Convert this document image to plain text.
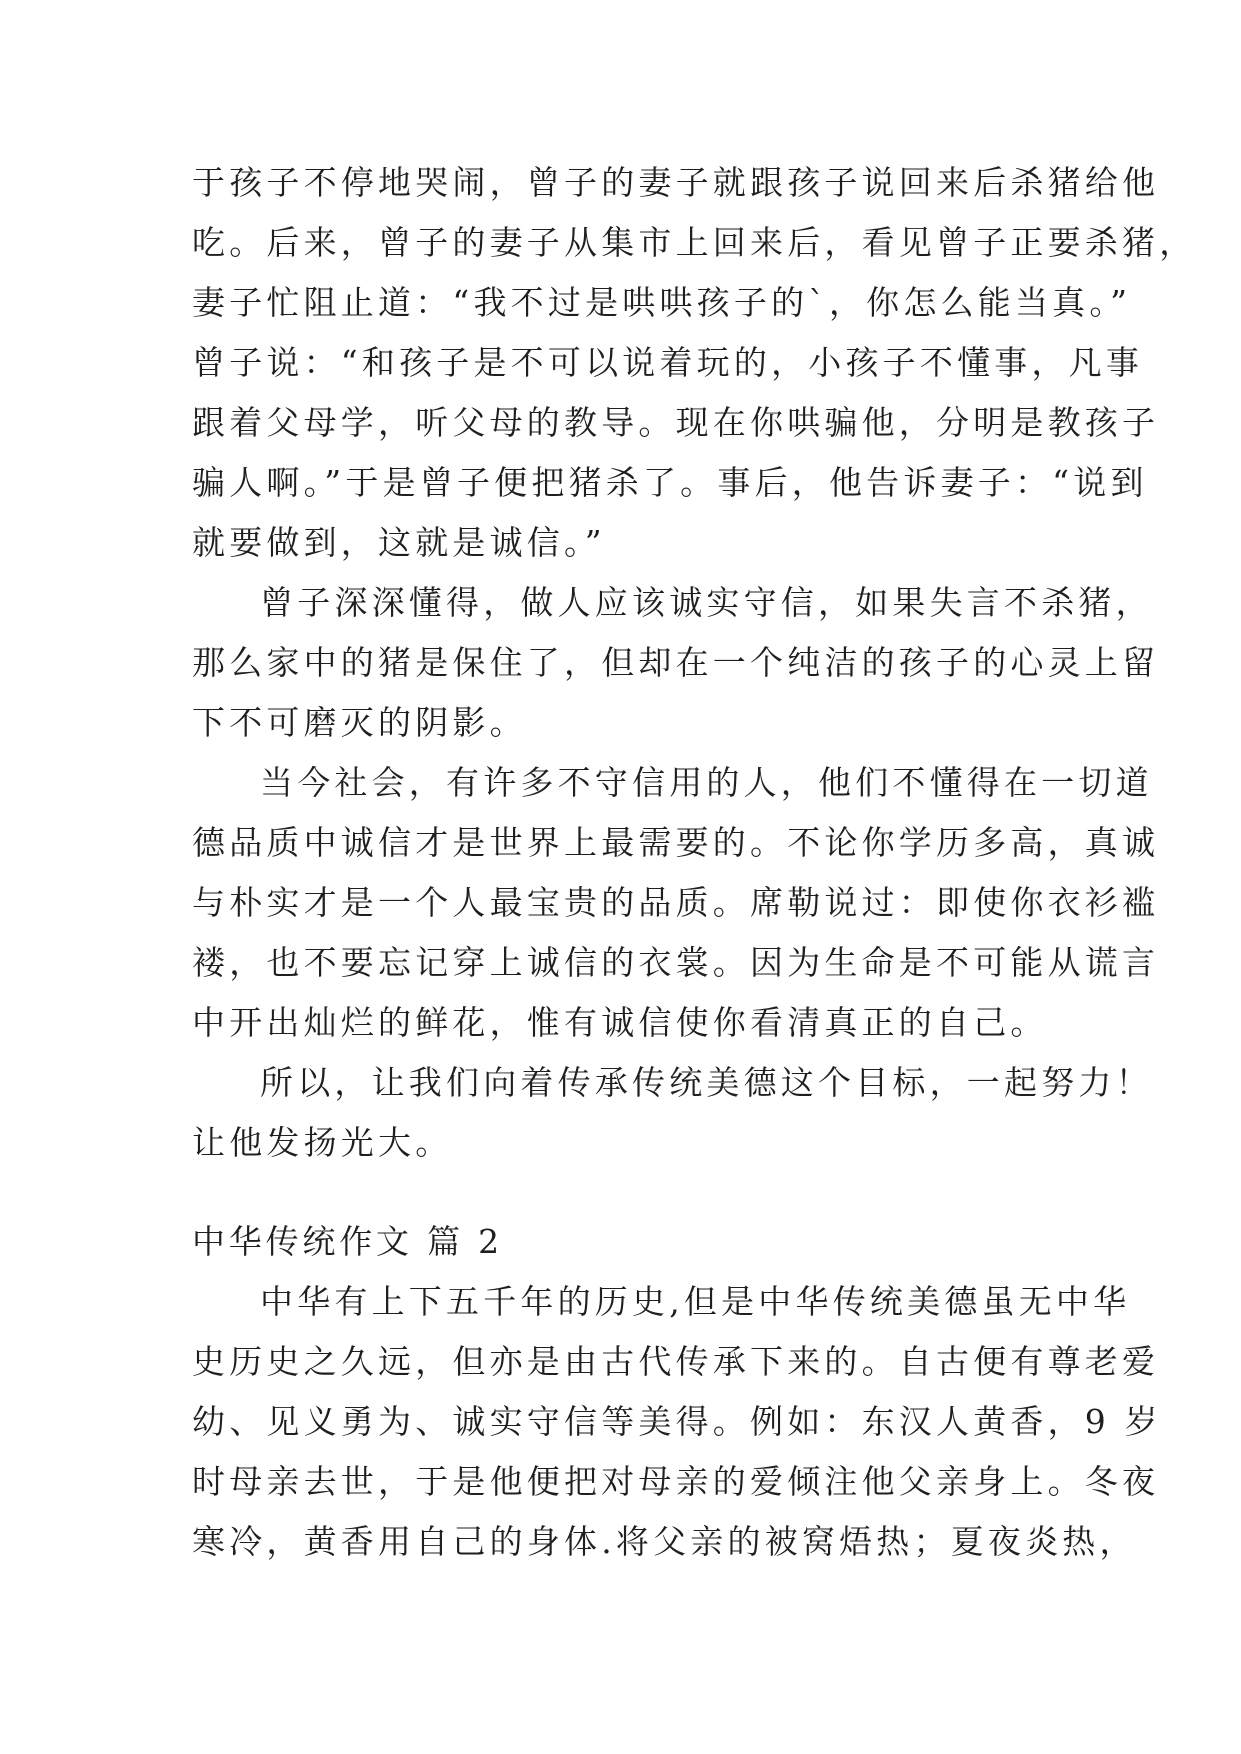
于孩子不停地哭闹，曾子的妻子就跟孩子说回来后杀猪给他
吃。后来，曾子的妻子从集市上回来后，看见曾子正要杀猪，
妻子忙阻止道：“我不过是哄哄孩子的`，你怎么能当真。”
曾子说：“和孩子是不可以说着玩的，小孩子不懂事，凡事
跟着父母学，听父母的教导。现在你哄骗他，分明是教孩子
骗人啊。”于是曾子便把猪杀了。事后，他告诉妻子：“说到
就要做到，这就是诚信。”
曾子深深懂得，做人应该诚实守信，如果失言不杀猪，
那么家中的猪是保住了，但却在一个纯洁的孩子的心灵上留
下不可磨灭的阴影。
当今社会，有许多不守信用的人，他们不懂得在一切道
德品质中诚信才是世界上最需要的。不论你学历多高，真诚
与朴实才是一个人最宝贵的品质。席勒说过：即使你衣衫褴
褛，也不要忘记穿上诚信的衣裳。因为生命是不可能从谎言
中开出灿烂的鲜花，惟有诚信使你看清真正的自己。
所以，让我们向着传承传统美德这个目标，一起努力！
让他发扬光大。
中华传统作文 篇 2
中华有上下五千年的历史,但是中华传统美德虽无中华
史历史之久远，但亦是由古代传承下来的。自古便有尊老爱
幼、见义勇为、诚实守信等美得。例如：东汉人黄香，9 岁
时母亲去世，于是他便把对母亲的爱倾注他父亲身上。冬夜
寒冷，黄香用自己的身体.将父亲的被窝焐热；夏夜炎热，
